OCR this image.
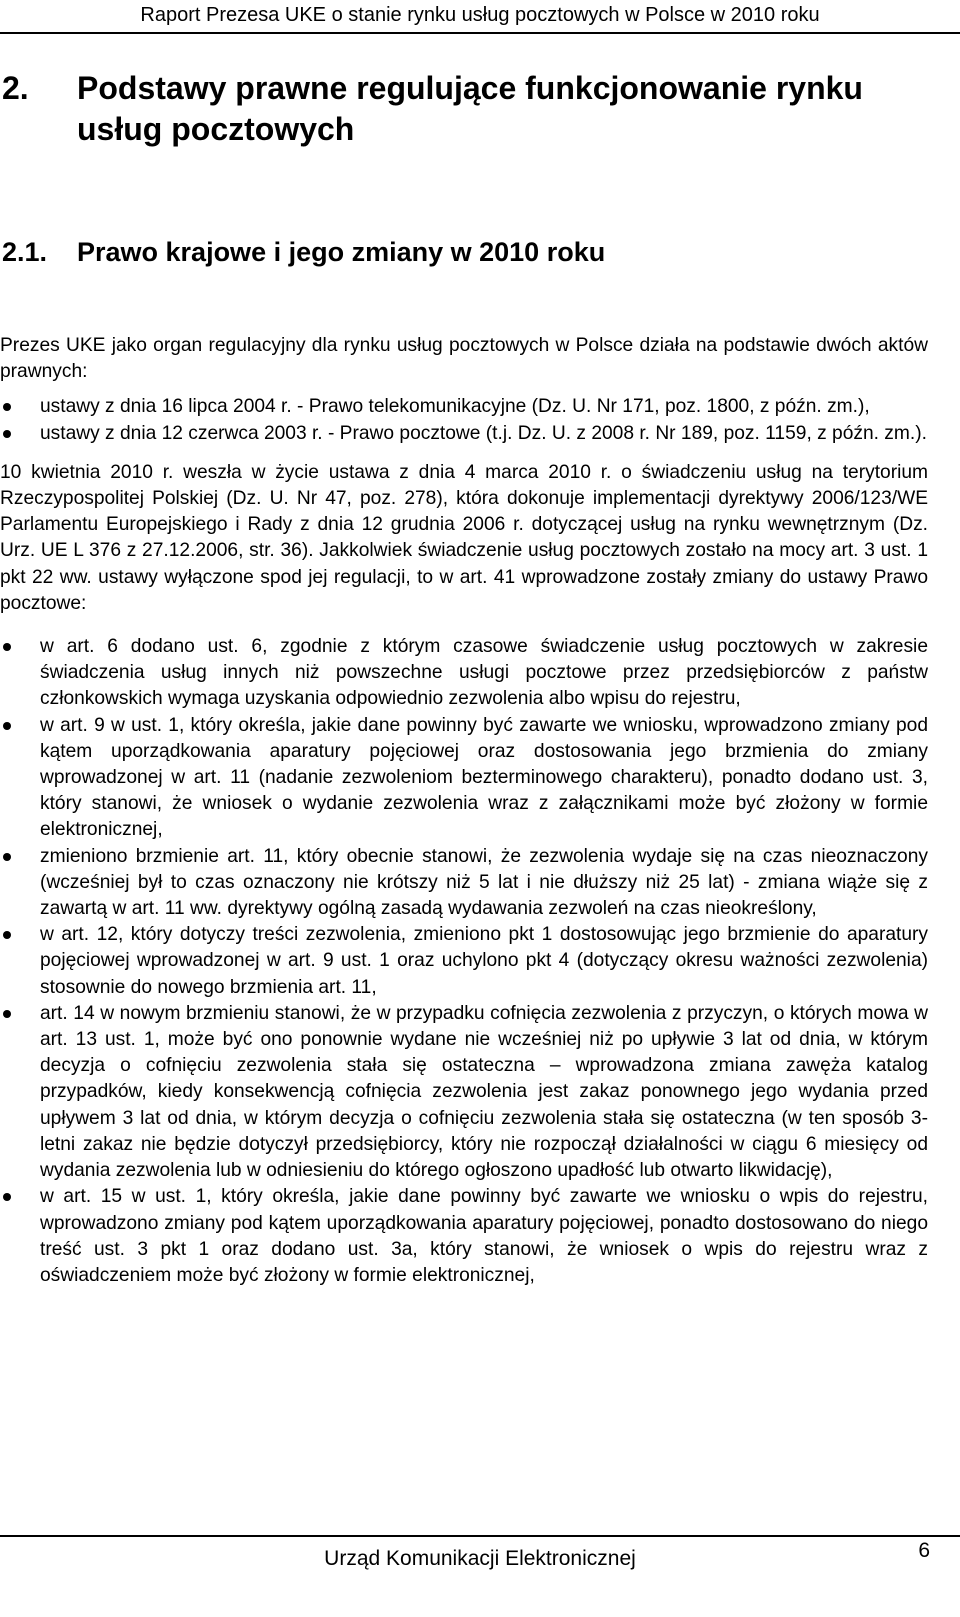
Raport Prezesa UKE o stanie rynku usług pocztowych w Polsce w 2010 roku
2. Podstawy prawne regulujące funkcjonowanie rynku
usług pocztowych
2.1. Prawo krajowe i jego zmiany w 2010 roku

Prezes UKE jako organ regulacyjny dla rynku usług pocztowych w Polsce działa na podstawie dwóch aktów prawnych:

ustawy z dnia 16 lipca 2004 r. - Prawo telekomunikacyjne (Dz. U. Nr 171, poz. 1800, z późn. zm.),
ustawy z dnia 12 czerwca 2003 r. - Prawo pocztowe (t.j. Dz. U. z 2008 r. Nr 189, poz. 1159, z późn. zm.).

10 kwietnia 2010 r. weszła w życie ustawa z dnia 4 marca 2010 r. o świadczeniu usług na terytorium Rzeczypospolitej Polskiej (Dz. U. Nr 47, poz. 278), która dokonuje implementacji dyrektywy 2006/123/WE Parlamentu Europejskiego i Rady z dnia 12 grudnia 2006 r. dotyczącej usług na rynku wewnętrznym (Dz. Urz. UE L 376 z 27.12.2006, str. 36). Jakkolwiek świadczenie usług pocztowych zostało na mocy art. 3 ust. 1 pkt 22 ww. ustawy wyłączone spod jej regulacji, to w art. 41 wprowadzone zostały zmiany do ustawy Prawo pocztowe:

w art. 6 dodano ust. 6, zgodnie z którym czasowe świadczenie usług pocztowych w zakresie świadczenia usług innych niż powszechne usługi pocztowe przez przedsiębiorców z państw członkowskich wymaga uzyskania odpowiednio zezwolenia albo wpisu do rejestru,
w art. 9 w ust. 1, który określa, jakie dane powinny być zawarte we wniosku, wprowadzono zmiany pod kątem uporządkowania aparatury pojęciowej oraz dostosowania jego brzmienia do zmiany wprowadzonej w art. 11 (nadanie zezwoleniom bezterminowego charakteru), ponadto dodano ust. 3, który stanowi, że wniosek o wydanie zezwolenia wraz z załącznikami może być złożony w formie elektronicznej,
zmieniono brzmienie art. 11, który obecnie stanowi, że zezwolenia wydaje się na czas nieoznaczony (wcześniej był to czas oznaczony nie krótszy niż 5 lat i nie dłuższy niż 25 lat) - zmiana wiąże się z zawartą w art. 11 ww. dyrektywy ogólną zasadą wydawania zezwoleń na czas nieokreślony,
w art. 12, który dotyczy treści zezwolenia, zmieniono pkt 1 dostosowując jego brzmienie do aparatury pojęciowej wprowadzonej w art. 9 ust. 1 oraz uchylono pkt 4 (dotyczący okresu ważności zezwolenia) stosownie do nowego brzmienia art. 11,
art. 14 w nowym brzmieniu stanowi, że w przypadku cofnięcia zezwolenia z przyczyn, o których mowa w art. 13 ust. 1, może być ono ponownie wydane nie wcześniej niż po upływie 3 lat od dnia, w którym decyzja o cofnięciu zezwolenia stała się ostateczna – wprowadzona zmiana zawęża katalog przypadków, kiedy konsekwencją cofnięcia zezwolenia jest zakaz ponownego jego wydania przed upływem 3 lat od dnia, w którym decyzja o cofnięciu zezwolenia stała się ostateczna (w ten sposób 3-letni zakaz nie będzie dotyczył przedsiębiorcy, który nie rozpoczął działalności w ciągu 6 miesięcy od wydania zezwolenia lub w odniesieniu do którego ogłoszono upadłość lub otwarto likwidację),
w art. 15 w ust. 1, który określa, jakie dane powinny być zawarte we wniosku o wpis do rejestru, wprowadzono zmiany pod kątem uporządkowania aparatury pojęciowej, ponadto dostosowano do niego treść ust. 3 pkt 1 oraz dodano ust. 3a, który stanowi, że wniosek o wpis do rejestru wraz z oświadczeniem może być złożony w formie elektronicznej,
Urząd Komunikacji Elektronicznej	6
